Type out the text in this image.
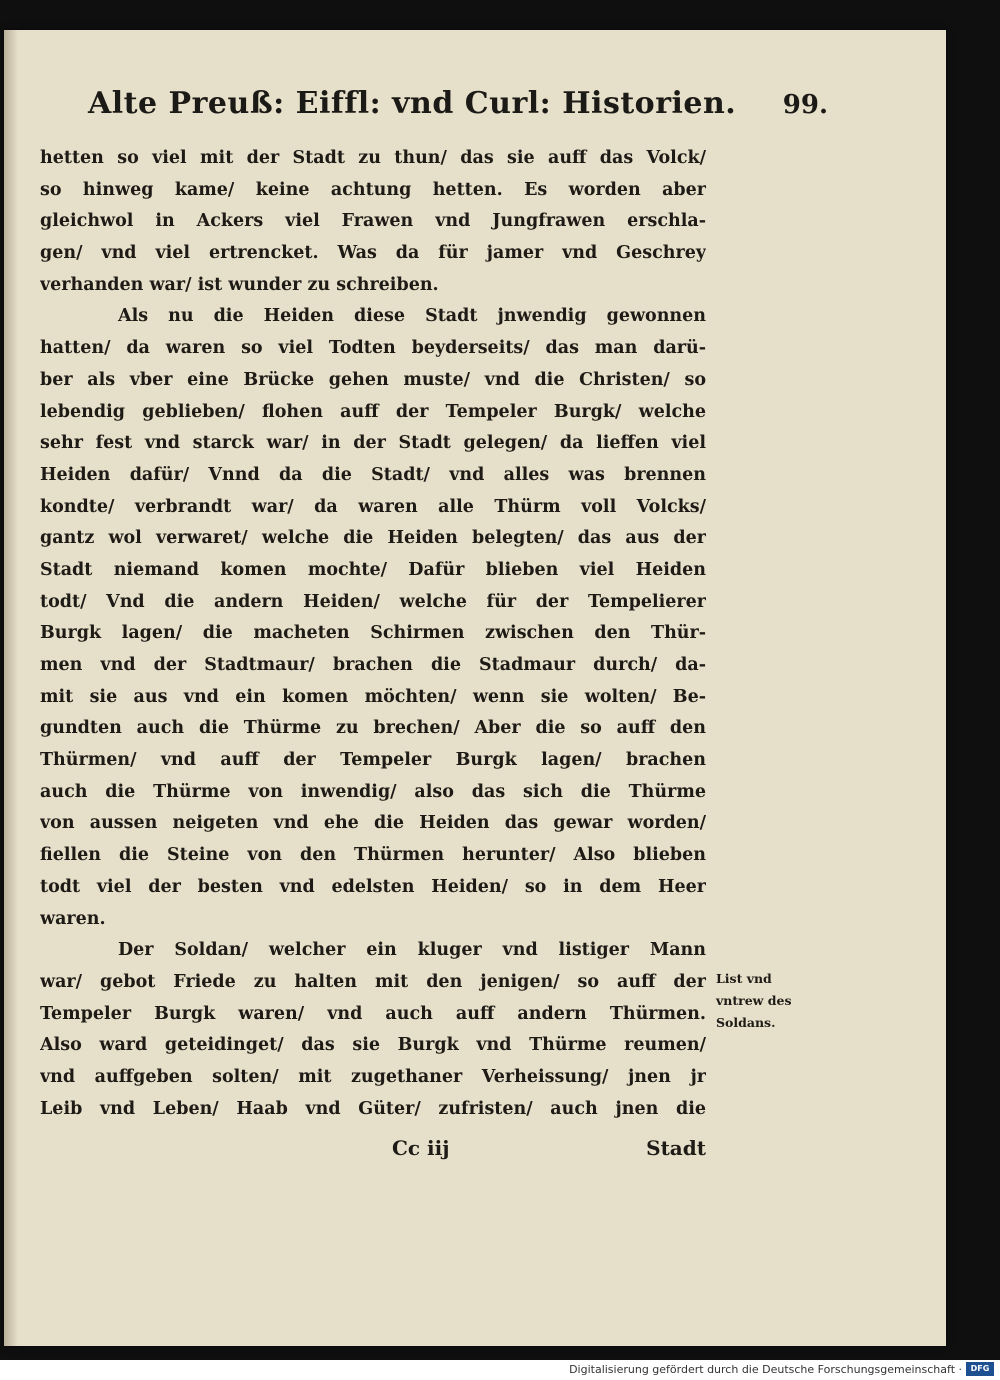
Alte Preuß: Eiffl: vnd Curl: Historien. 99.
hetten so viel mit der Stadt zu thun/ das sie auff das Volck/
so hinweg kame/ keine achtung hetten. Es worden aber
gleichwol in Ackers viel Frawen vnd Jungfrawen erschla-
gen/ vnd viel ertrencket. Was da für jamer vnd Geschrey
verhanden war/ ist wunder zu schreiben.
Als nu die Heiden diese Stadt jnwendig gewonnen
hatten/ da waren so viel Todten beyderseits/ das man darü-
ber als vber eine Brücke gehen muste/ vnd die Christen/ so
lebendig geblieben/ flohen auff der Tempeler Burgk/ welche
sehr fest vnd starck war/ in der Stadt gelegen/ da lieffen viel
Heiden dafür/ Vnnd da die Stadt/ vnd alles was brennen
kondte/ verbrandt war/ da waren alle Thürm voll Volcks/
gantz wol verwaret/ welche die Heiden belegten/ das aus der
Stadt niemand komen mochte/ Dafür blieben viel Heiden
todt/ Vnd die andern Heiden/ welche für der Tempelierer
Burgk lagen/ die macheten Schirmen zwischen den Thür-
men vnd der Stadtmaur/ brachen die Stadmaur durch/ da-
mit sie aus vnd ein komen möchten/ wenn sie wolten/ Be-
gundten auch die Thürme zu brechen/ Aber die so auff den
Thürmen/ vnd auff der Tempeler Burgk lagen/ brachen
auch die Thürme von inwendig/ also das sich die Thürme
von aussen neigeten vnd ehe die Heiden das gewar worden/
fiellen die Steine von den Thürmen herunter/ Also blieben
todt viel der besten vnd edelsten Heiden/ so in dem Heer
waren.
Der Soldan/ welcher ein kluger vnd listiger Mann
war/ gebot Friede zu halten mit den jenigen/ so auff der
Tempeler Burgk waren/ vnd auch auff andern Thürmen.
Also ward geteidinget/ das sie Burgk vnd Thürme reumen/
vnd auffgeben solten/ mit zugethaner Verheissung/ jnen jr
Leib vnd Leben/ Haab vnd Güter/ zufristen/ auch jnen die
List vnd
vntrew des
Soldans.
Cc iij	Stadt
Digitalisierung gefördert durch die Deutsche Forschungsgemeinschaft ·	DFG
